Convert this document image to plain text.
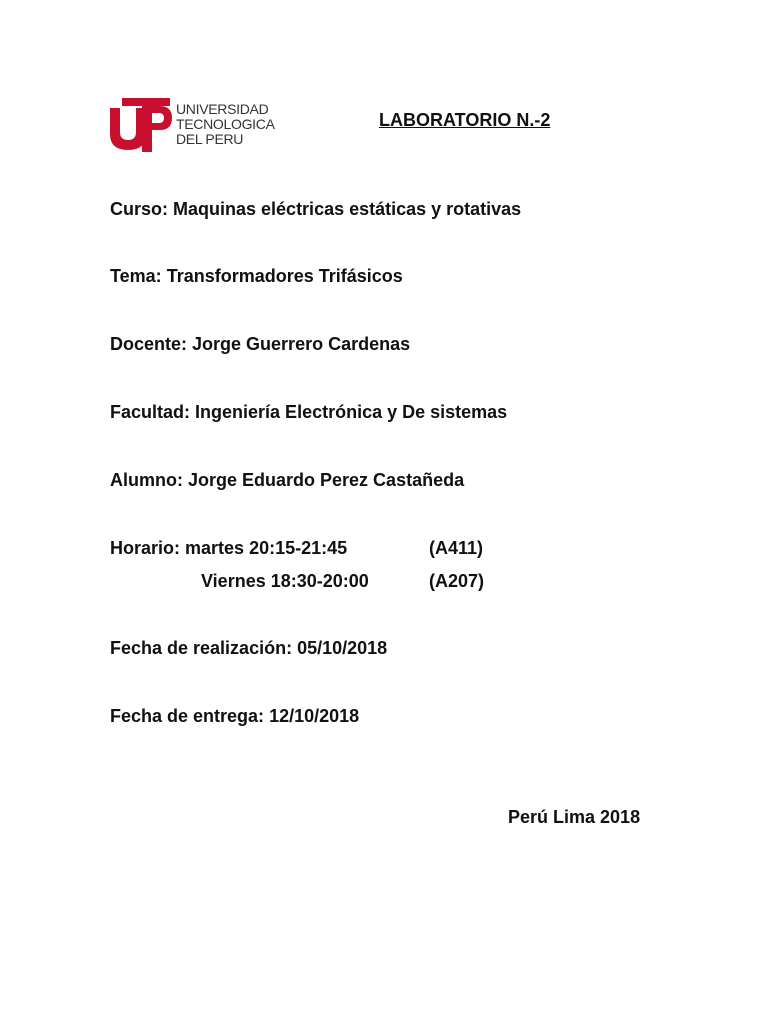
UNIVERSIDAD
TECNOLOGICA
DEL PERU
LABORATORIO N.-2
Curso: Maquinas eléctricas estáticas y rotativas
Tema: Transformadores Trifásicos
Docente: Jorge Guerrero Cardenas
Facultad: Ingeniería Electrónica y De sistemas
Alumno: Jorge Eduardo Perez Castañeda
Horario: martes 20:15-21:45	(A411)
Viernes 18:30-20:00	(A207)
Fecha de realización: 05/10/2018
Fecha de entrega: 12/10/2018
Perú Lima 2018
